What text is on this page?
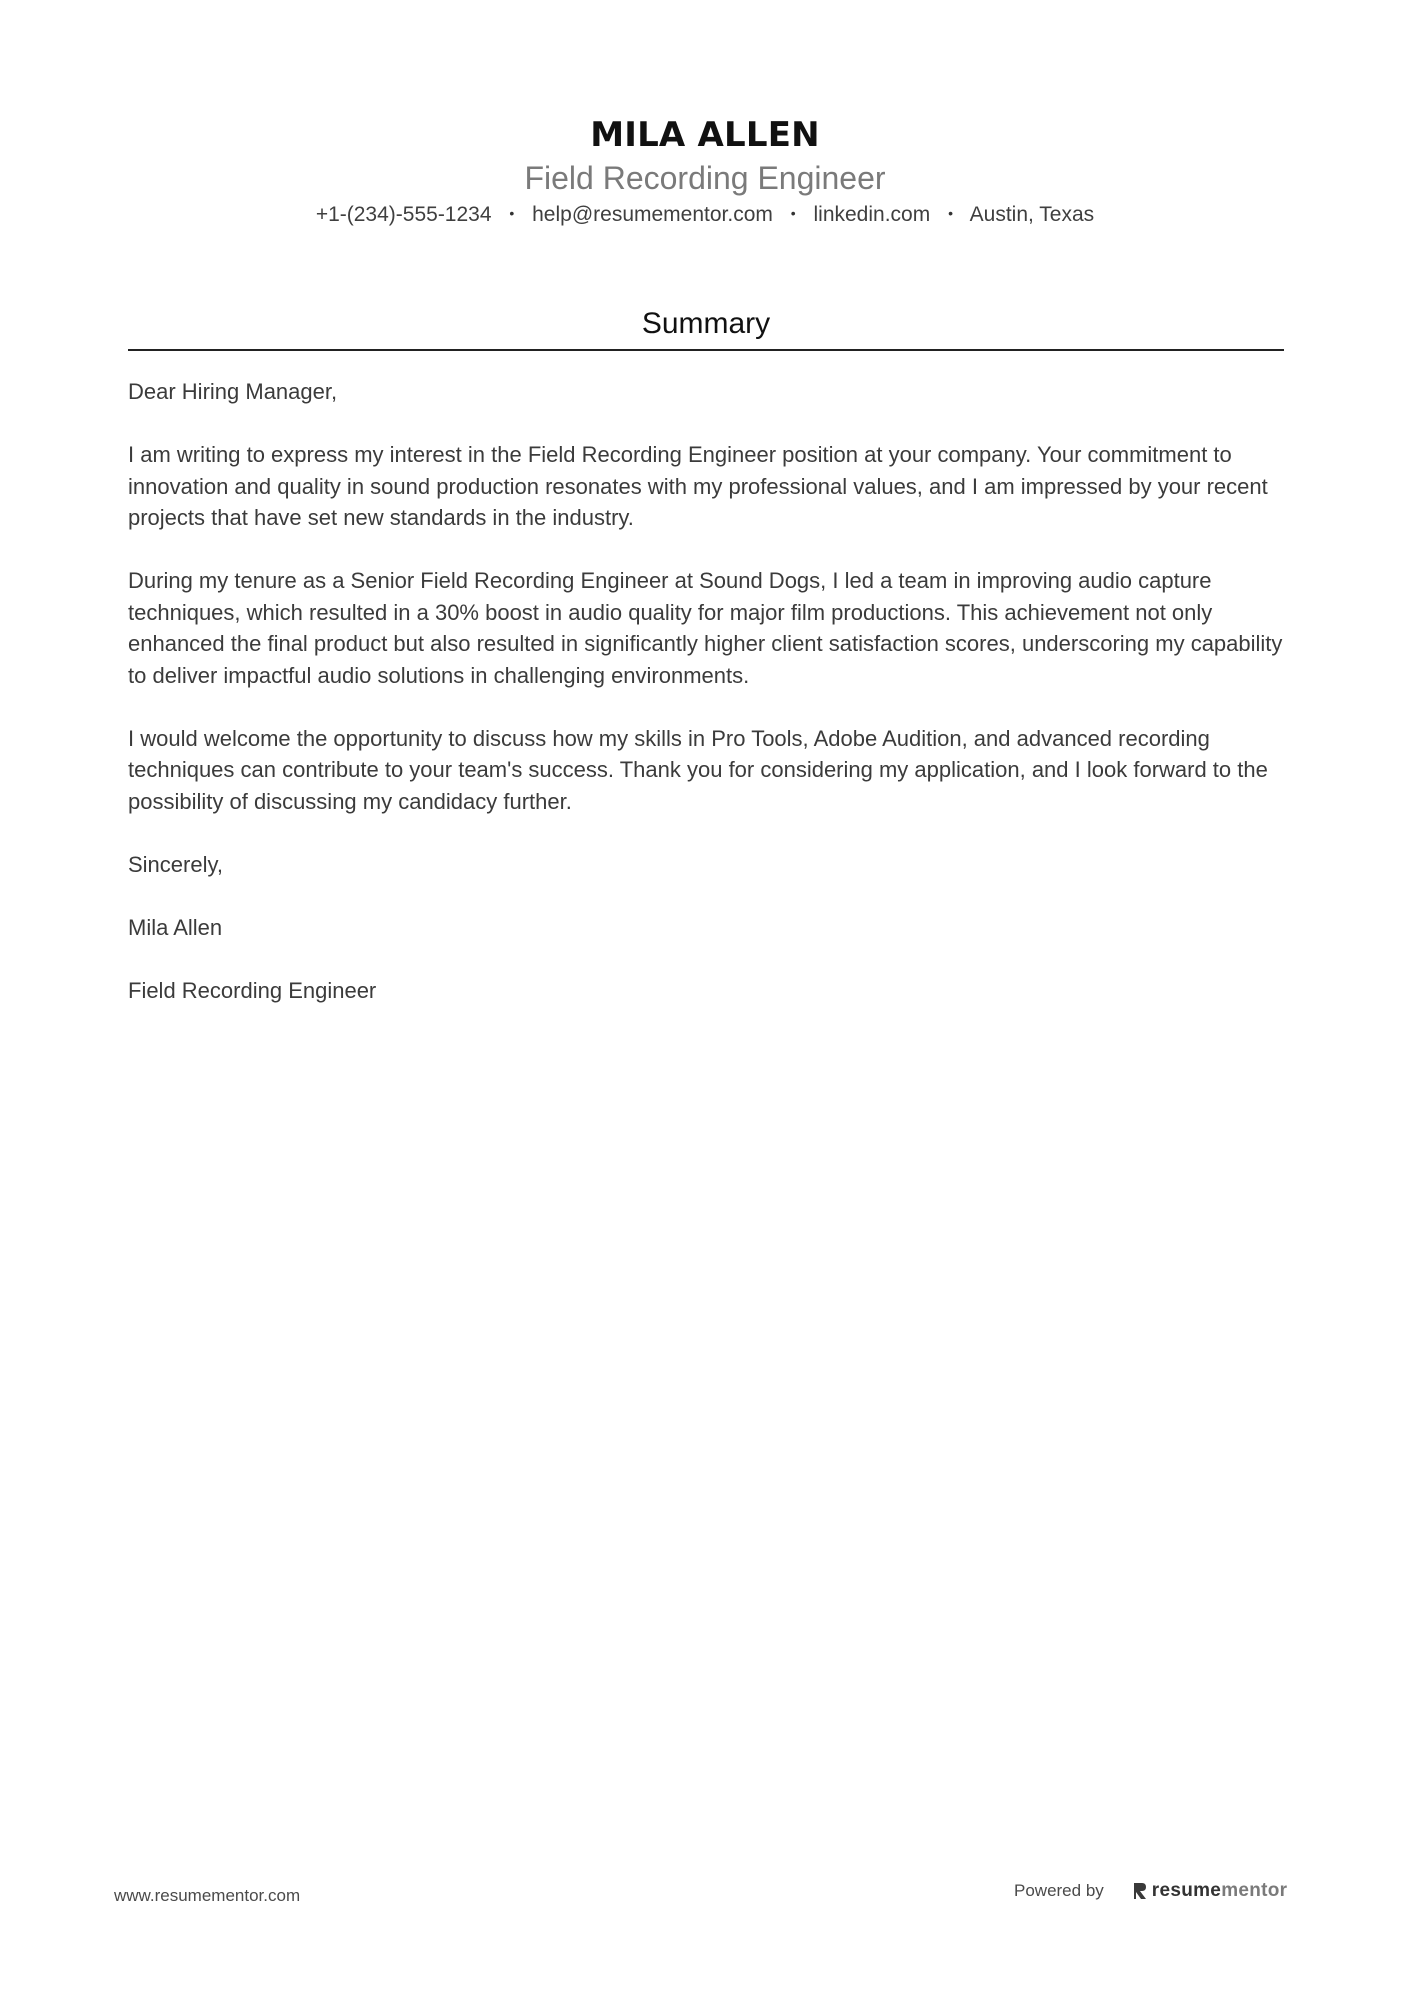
MILA ALLEN
Field Recording Engineer
+1-(234)-555-1234 • help@resumementor.com • linkedin.com • Austin, Texas
Summary

Dear Hiring Manager,

I am writing to express my interest in the Field Recording Engineer position at your company. Your commitment to innovation and quality in sound production resonates with my professional values, and I am impressed by your recent projects that have set new standards in the industry.

During my tenure as a Senior Field Recording Engineer at Sound Dogs, I led a team in improving audio capture techniques, which resulted in a 30% boost in audio quality for major film productions. This achievement not only enhanced the final product but also resulted in significantly higher client satisfaction scores, underscoring my capability to deliver impactful audio solutions in challenging environments.

I would welcome the opportunity to discuss how my skills in Pro Tools, Adobe Audition, and advanced recording techniques can contribute to your team's success. Thank you for considering my application, and I look forward to the possibility of discussing my candidacy further.

Sincerely,

Mila Allen

Field Recording Engineer

www.resumementor.com	Powered by	resumementor
